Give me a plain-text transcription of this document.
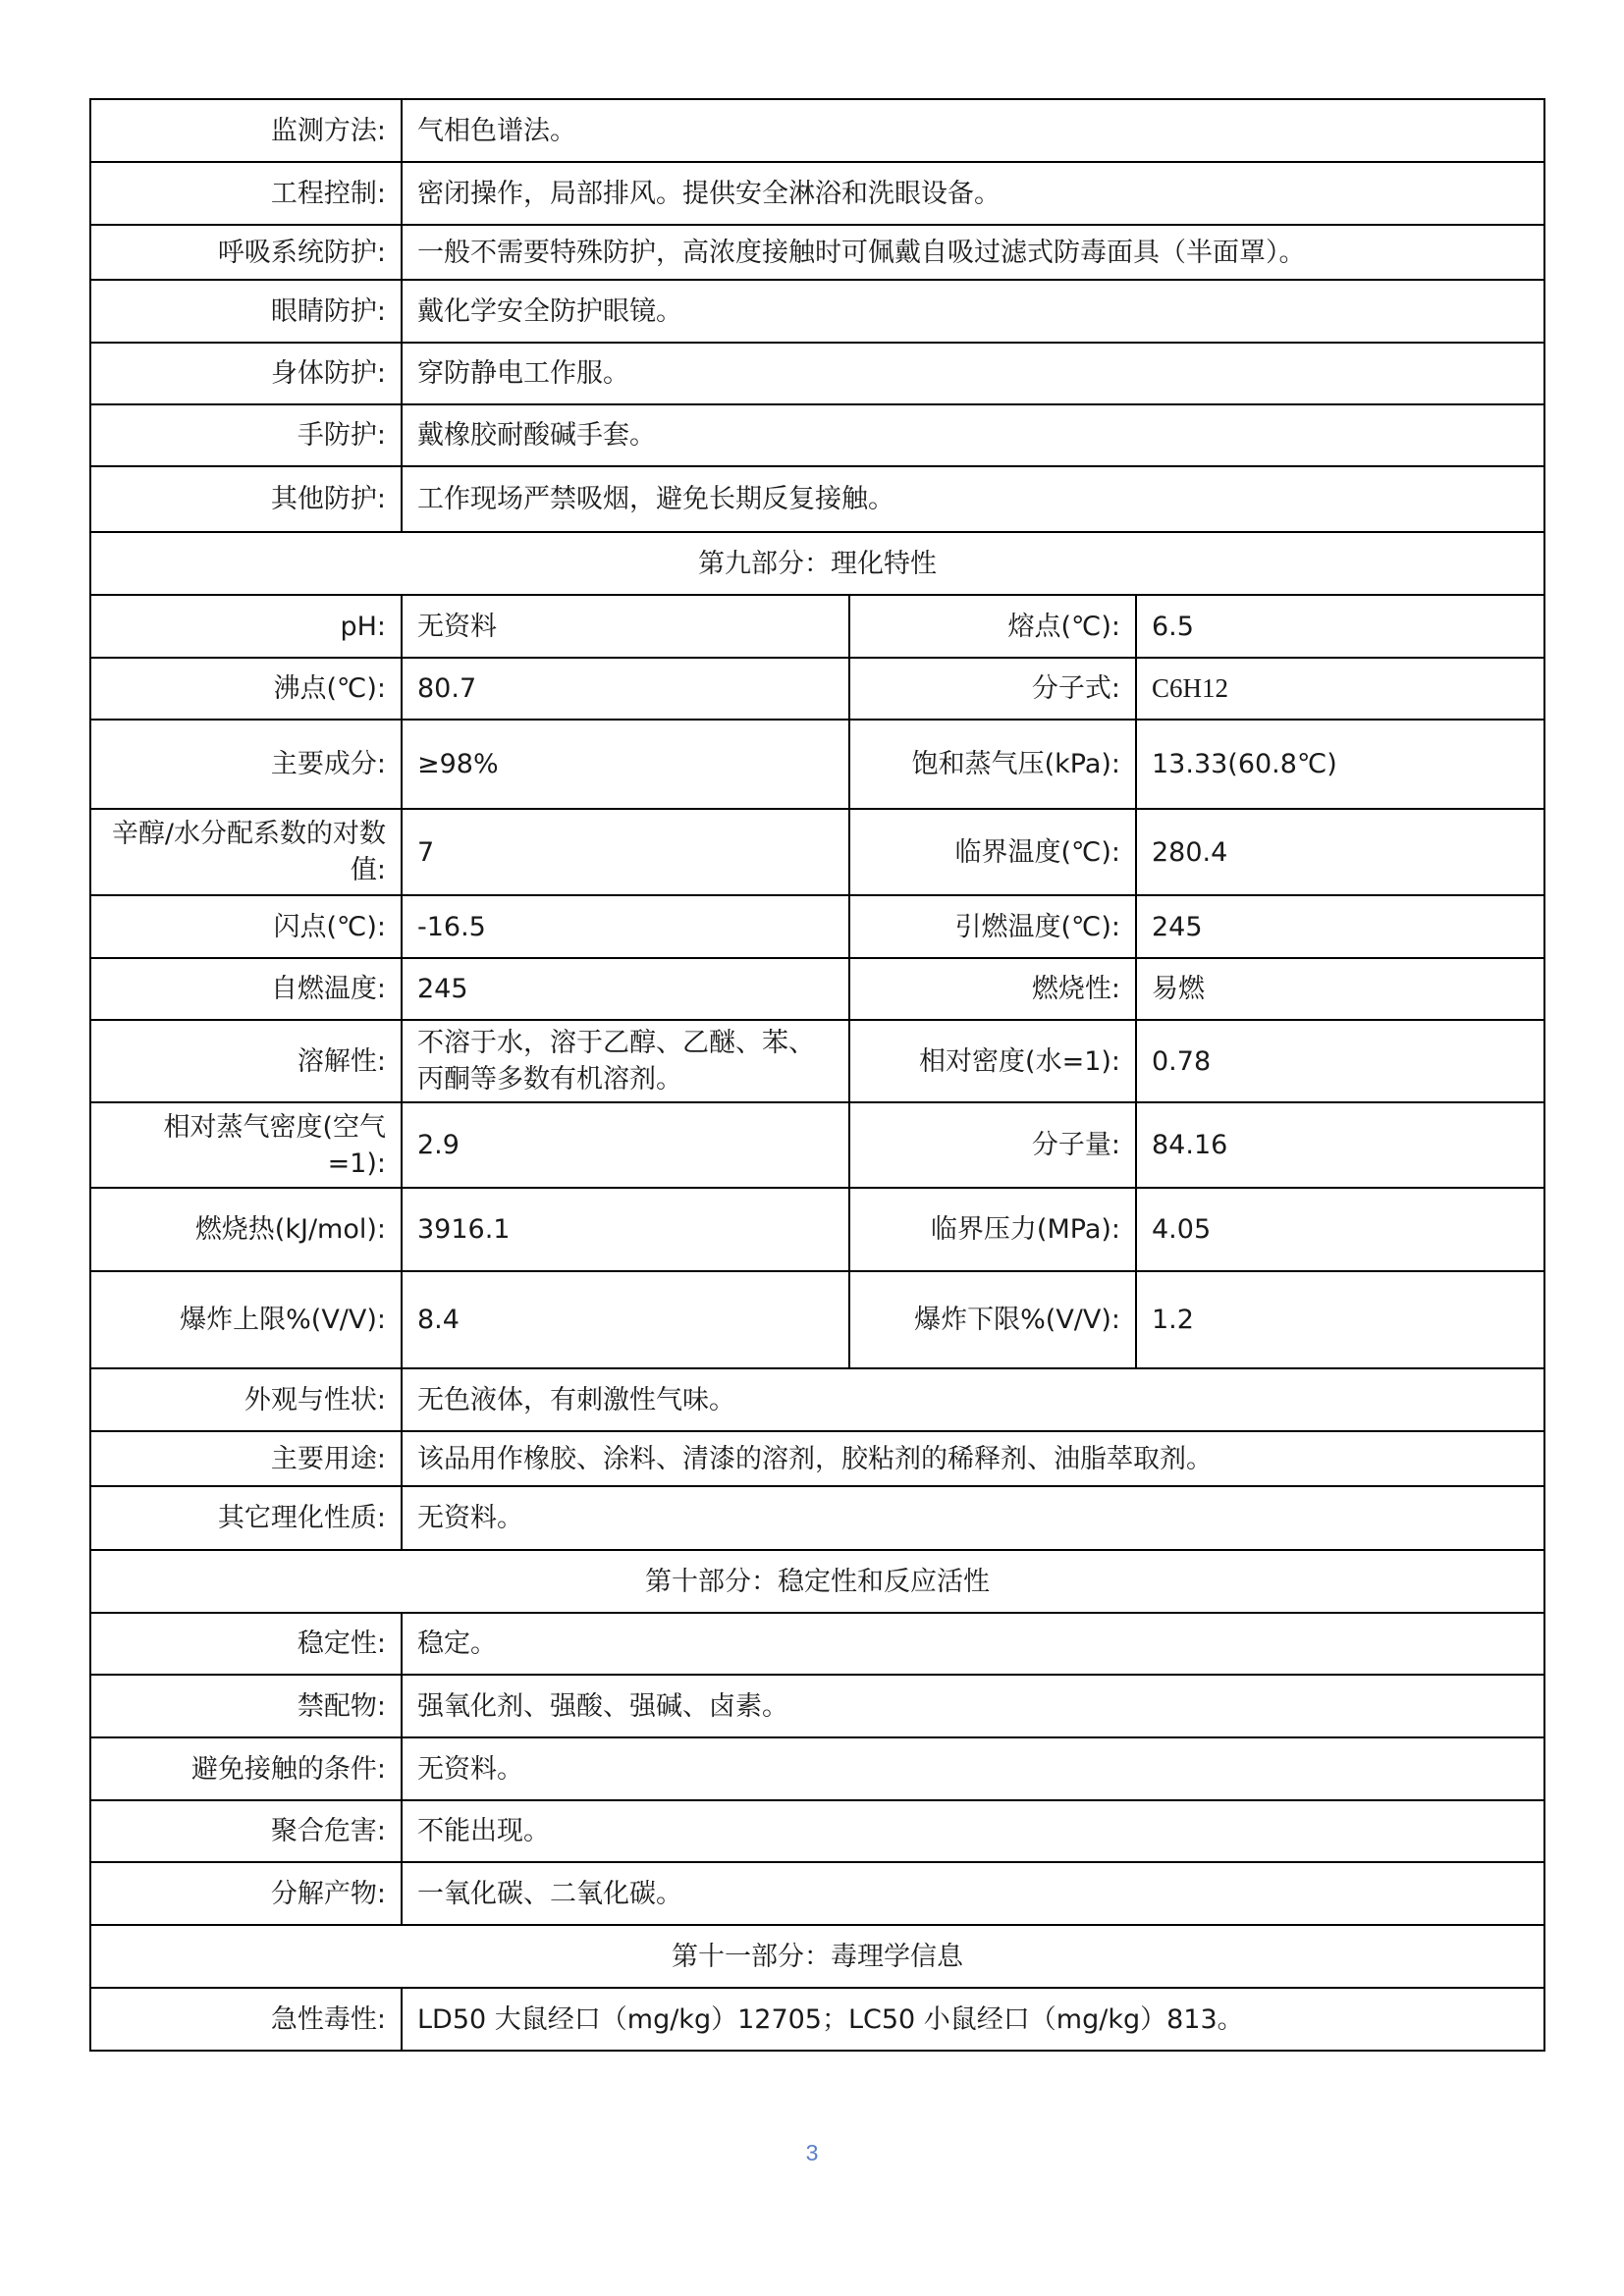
监测方法:	气相色谱法。		
工程控制:	密闭操作，局部排风。提供安全淋浴和洗眼设备。		
呼吸系统防护:	一般不需要特殊防护，高浓度接触时可佩戴自吸过滤式防毒面具（半面罩）。		
眼睛防护:	戴化学安全防护眼镜。		
身体防护:	穿防静电工作服。		
手防护:	戴橡胶耐酸碱手套。		
其他防护:	工作现场严禁吸烟，避免长期反复接触。		
第九部分：理化特性			
pH:	无资料	熔点(℃):	6.5
沸点(℃):	80.7	分子式:	C6H12
主要成分:	≥98%	饱和蒸气压(kPa):	13.33(60.8℃)
辛醇/水分配系数的对数值:	7	临界温度(℃):	280.4
闪点(℃):	-16.5	引燃温度(℃):	245
自燃温度:	245	燃烧性:	易燃
溶解性:	不溶于水，溶于乙醇、乙醚、苯、丙酮等多数有机溶剂。	相对密度(水=1):	0.78
相对蒸气密度(空气=1):	2.9	分子量:	84.16
燃烧热(kJ/mol):	3916.1	临界压力(MPa):	4.05
爆炸上限%(V/V):	8.4	爆炸下限%(V/V):	1.2
外观与性状:	无色液体，有刺激性气味。		
主要用途:	该品用作橡胶、涂料、清漆的溶剂，胶粘剂的稀释剂、油脂萃取剂。		
其它理化性质:	无资料。		
第十部分：稳定性和反应活性			
稳定性:	稳定。		
禁配物:	强氧化剂、强酸、强碱、卤素。		
避免接触的条件:	无资料。		
聚合危害:	不能出现。		
分解产物:	一氧化碳、二氧化碳。		
第十一部分：毒理学信息			
急性毒性:	LD50 大鼠经口（mg/kg）12705；LC50 小鼠经口（mg/kg）813。		
3
